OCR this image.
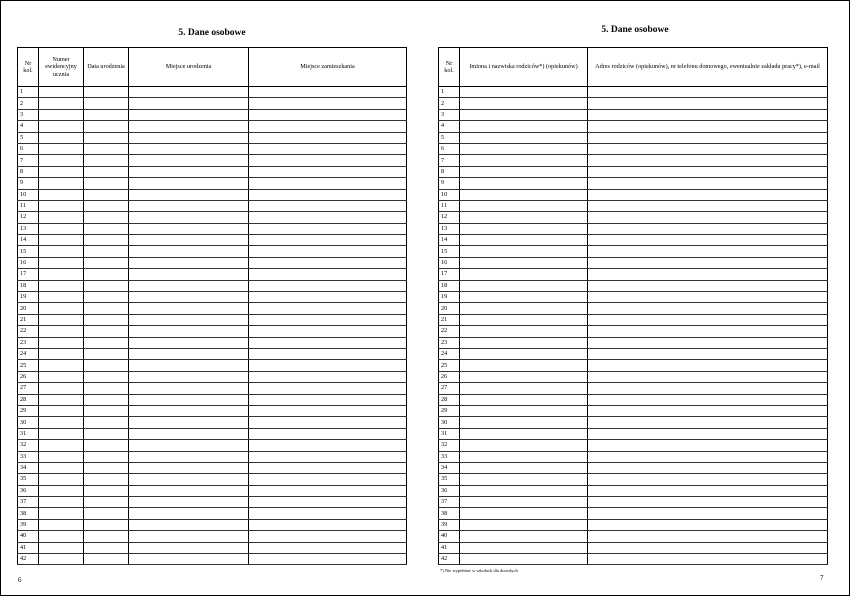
5. Dane osobowe
Nr kol.	Numer ewidencyjny ucznia	Data urodzenia	Miejsce urodzenia	Miejsce zamieszkania
1				
2				
3				
4				
5				
6				
7				
8				
9				
10				
11				
12				
13				
14				
15				
16				
17				
18				
19				
20				
21				
22				
23				
24				
25				
26				
27				
28				
29				
30				
31				
32				
33				
34				
35				
36				
37				
38				
39				
40				
41				
42				
6
5. Dane osobowe
Nr kol.	Imiona i nazwiska rodziców*) (opiekunów)	Adres rodziców (opiekunów), nr telefonu domowego, ewentualnie zakładu pracy*), e-mail
1		
2		
3		
4		
5		
6		
7		
8		
9		
10		
11		
12		
13		
14		
15		
16		
17		
18		
19		
20		
21		
22		
23		
24		
25		
26		
27		
28		
29		
30		
31		
32		
33		
34		
35		
36		
37		
38		
39		
40		
41		
42		
*) Nie wypełniać w szkołach dla dorosłych
7
